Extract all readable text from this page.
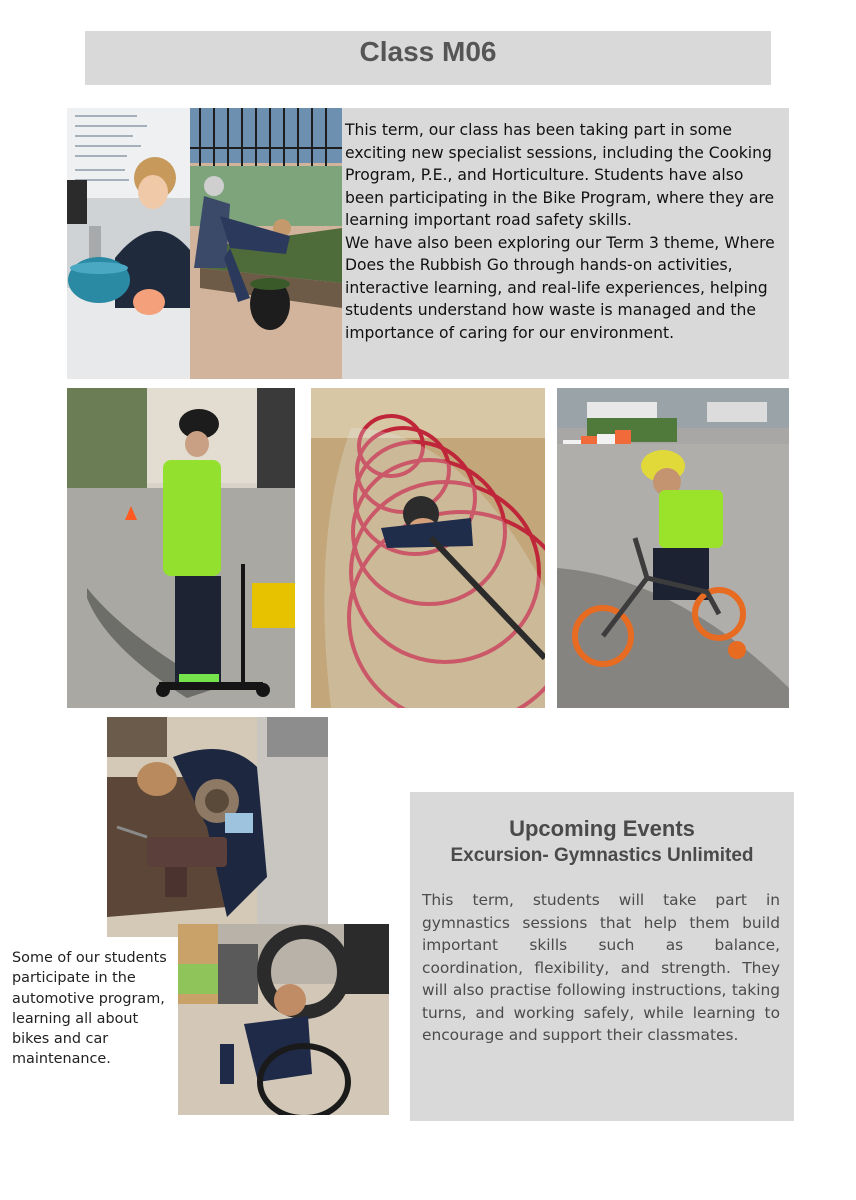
Class M06

This term, our class has been taking part in some exciting new specialist sessions, including the Cooking Program, P.E., and Horticulture. Students have also been participating in the Bike Program, where they are learning important road safety skills.

We have also been exploring our Term 3 theme, Where Does the Rubbish Go through hands-on activities, interactive learning, and real-life experiences, helping students understand how waste is managed and the importance of caring for our environment.

Some of our students participate in the automotive program, learning all about bikes and car maintenance.

Upcoming Events
Excursion- Gymnastics Unlimited

This term, students will take part in gymnastics sessions that help them build important skills such as balance, coordination, flexibility, and strength. They will also practise following instructions, taking turns, and working safely, while learning to encourage and support their classmates.
